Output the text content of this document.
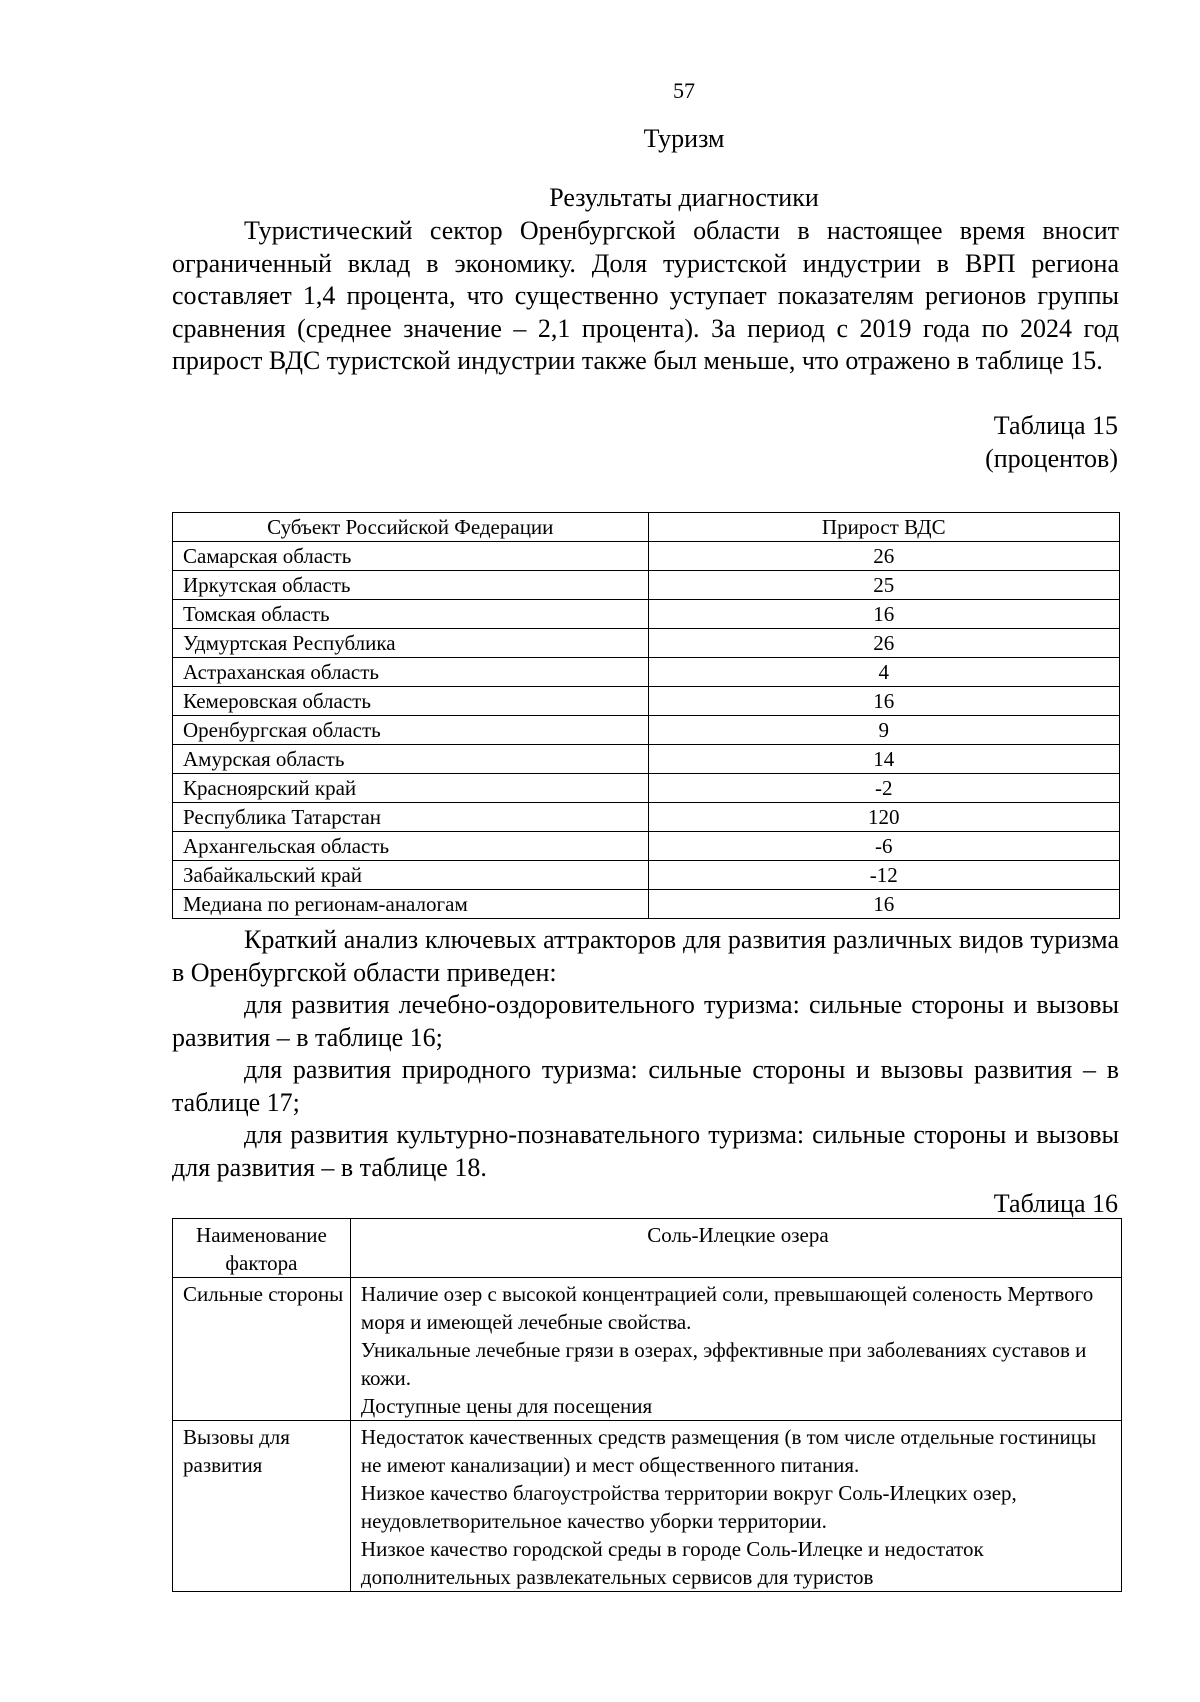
57
Туризм
Результаты диагностики

Туристический сектор Оренбургской области в настоящее время вносит ограниченный вклад в экономику. Доля туристской индустрии в ВРП региона составляет 1,4 процента, что существенно уступает показателям регионов группы сравнения (среднее значение – 2,1 процента). За период с 2019 года по 2024 год прирост ВДС туристской индустрии также был меньше, что отражено в таблице 15.

Таблица 15
(процентов)
Субъект Российской Федерации	Прирост ВДС
Самарская область	26
Иркутская область	25
Томская область	16
Удмуртская Республика	26
Астраханская область	4
Кемеровская область	16
Оренбургская область	9
Амурская область	14
Красноярский край	-2
Республика Татарстан	120
Архангельская область	-6
Забайкальский край	-12
Медиана по регионам-аналогам	16

Краткий анализ ключевых аттракторов для развития различных видов туризма в Оренбургской области приведен:

для развития лечебно-оздоровительного туризма: сильные стороны и вызовы развития – в таблице 16;

для развития природного туризма: сильные стороны и вызовы развития – в таблице 17;

для развития культурно-познавательного туризма: сильные стороны и вызовы для развития – в таблице 18.

Таблица 16
Наименование фактора	Соль-Илецкие озера
Сильные стороны	Наличие озер с высокой концентрацией соли, превышающей соленость Мертвого моря и имеющей лечебные свойства.
Уникальные лечебные грязи в озерах, эффективные при заболеваниях суставов и кожи.
Доступные цены для посещения

Вызовы для развития	Недостаток качественных средств размещения (в том числе отдельные гостиницы не имеют канализации) и мест общественного питания.
Низкое качество благоустройства территории вокруг Соль-Илецких озер, неудовлетворительное качество уборки территории.
Низкое качество городской среды в городе Соль-Илецке и недостаток дополнительных развлекательных сервисов для туристов
